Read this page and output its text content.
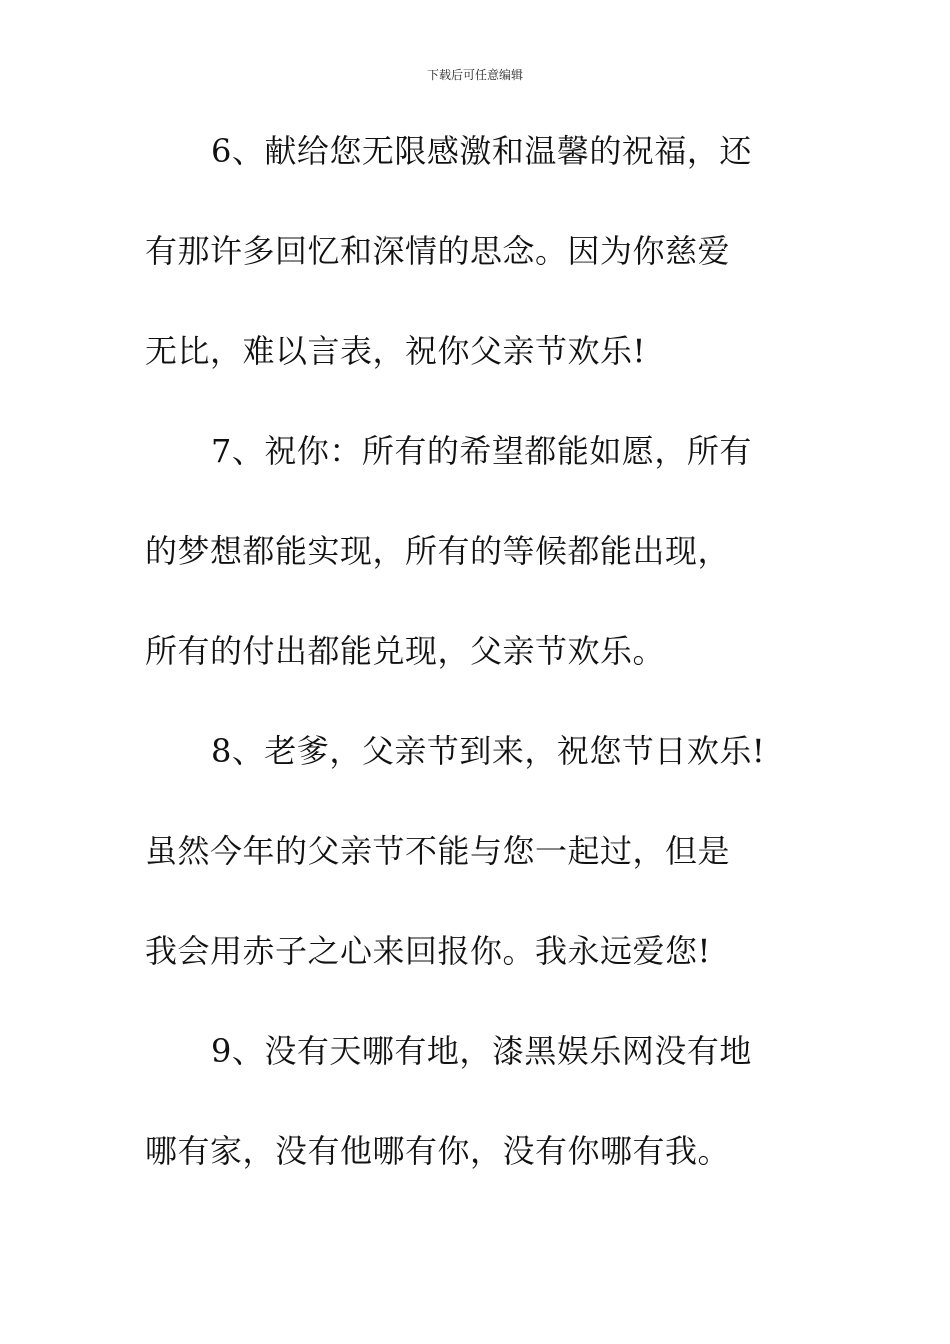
下载后可任意编辑
6、献给您无限感激和温馨的祝福，还
有那许多回忆和深情的思念。因为你慈爱
无比，难以言表，祝你父亲节欢乐!
7、祝你：所有的希望都能如愿，所有
的梦想都能实现，所有的等候都能出现，
所有的付出都能兑现，父亲节欢乐。
8、老爹，父亲节到来，祝您节日欢乐!
虽然今年的父亲节不能与您一起过，但是
我会用赤子之心来回报你。我永远爱您!
9、没有天哪有地，漆黑娱乐网没有地
哪有家，没有他哪有你，没有你哪有我。
